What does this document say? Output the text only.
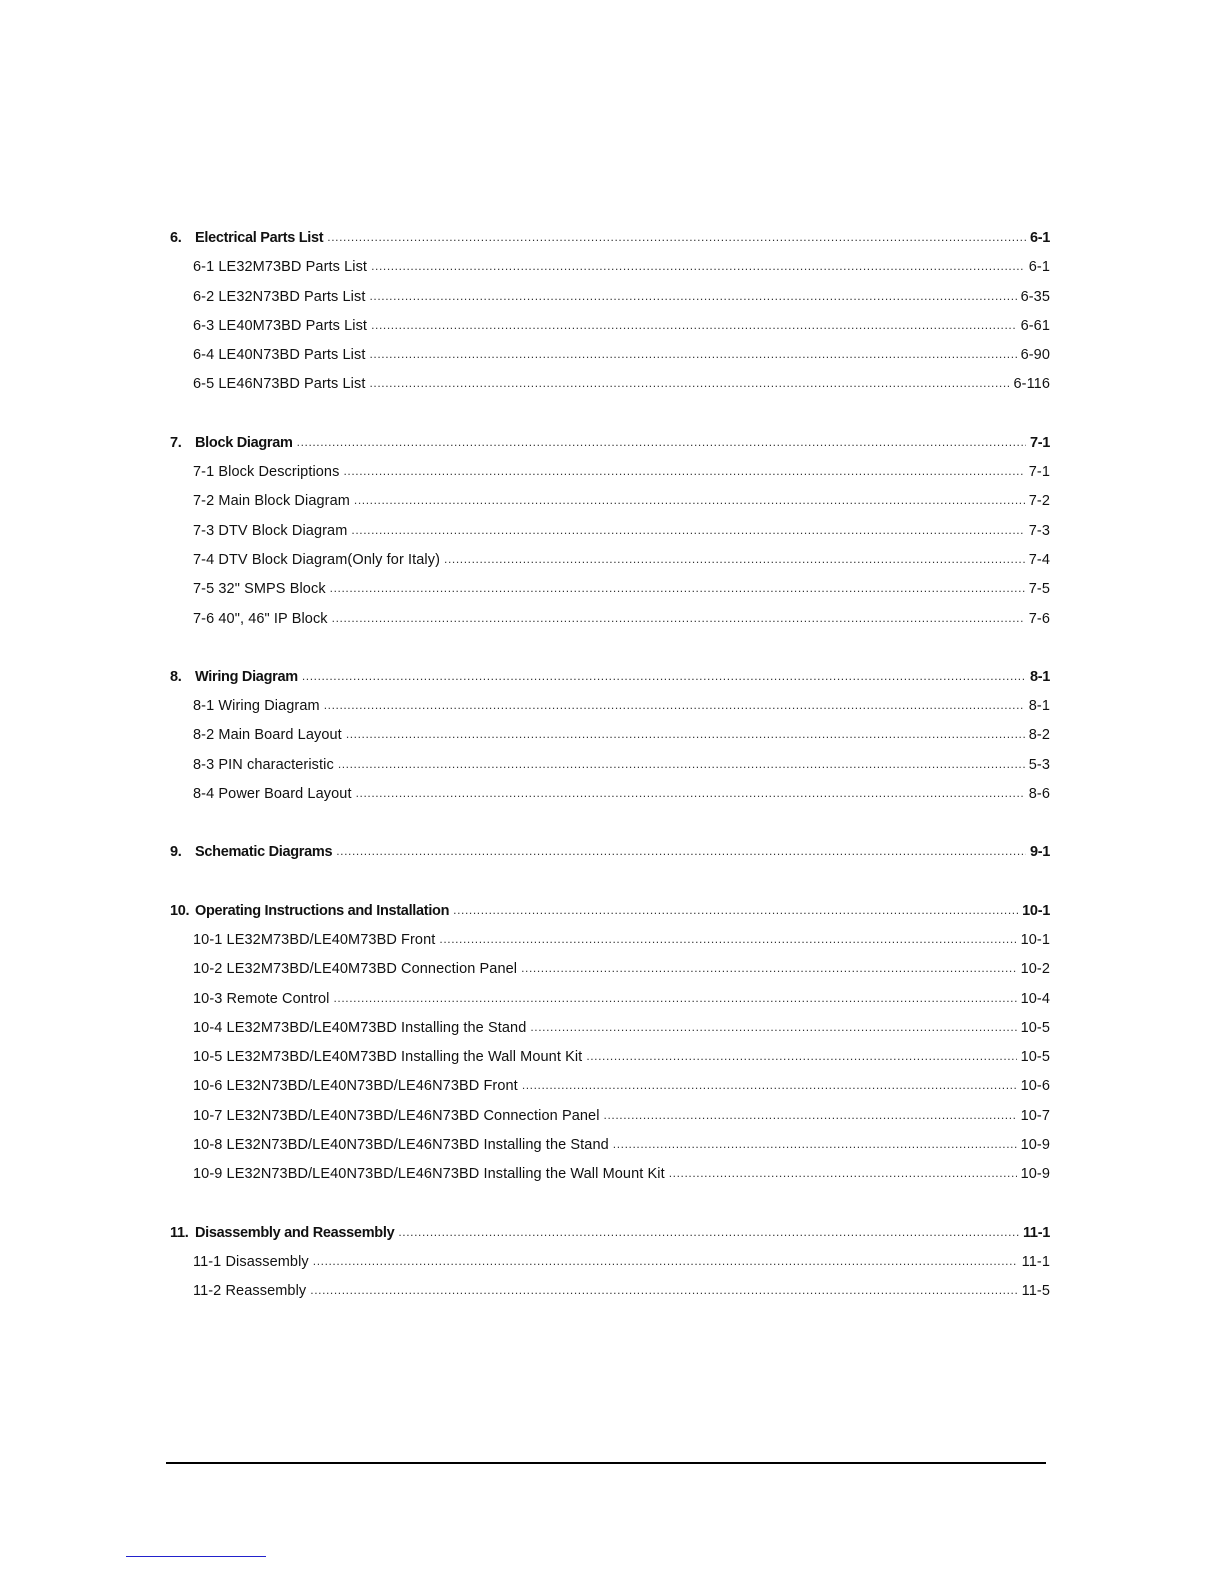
6. Electrical Parts List .....	6-1
6-1 LE32M73BD Parts List .....	6-1
6-2 LE32N73BD Parts List .....	6-35
6-3 LE40M73BD Parts List .....	6-61
6-4 LE40N73BD Parts List .....	6-90
6-5 LE46N73BD Parts List .....	6-116
7. Block Diagram .....	7-1
7-1 Block Descriptions .....	7-1
7-2 Main Block Diagram .....	7-2
7-3 DTV Block Diagram .....	7-3
7-4 DTV Block Diagram(Only for Italy) .....	7-4
7-5 32" SMPS Block .....	7-5
7-6 40", 46" IP Block .....	7-6
8. Wiring Diagram .....	8-1
8-1 Wiring Diagram .....	8-1
8-2 Main Board Layout .....	8-2
8-3 PIN characteristic .....	5-3
8-4 Power Board Layout .....	8-6
9. Schematic Diagrams .....	9-1
10. Operating Instructions and Installation .....	10-1
10-1 LE32M73BD/LE40M73BD Front .....	10-1
10-2 LE32M73BD/LE40M73BD Connection Panel .....	10-2
10-3 Remote Control .....	10-4
10-4 LE32M73BD/LE40M73BD Installing the Stand .....	10-5
10-5 LE32M73BD/LE40M73BD Installing the Wall Mount Kit .....	10-5
10-6 LE32N73BD/LE40N73BD/LE46N73BD Front .....	10-6
10-7 LE32N73BD/LE40N73BD/LE46N73BD Connection Panel .....	10-7
10-8 LE32N73BD/LE40N73BD/LE46N73BD Installing the Stand .....	10-9
10-9 LE32N73BD/LE40N73BD/LE46N73BD Installing the Wall Mount Kit .....	10-9
11. Disassembly and Reassembly .....	11-1
11-1 Disassembly .....	11-1
11-2 Reassembly .....	11-5
